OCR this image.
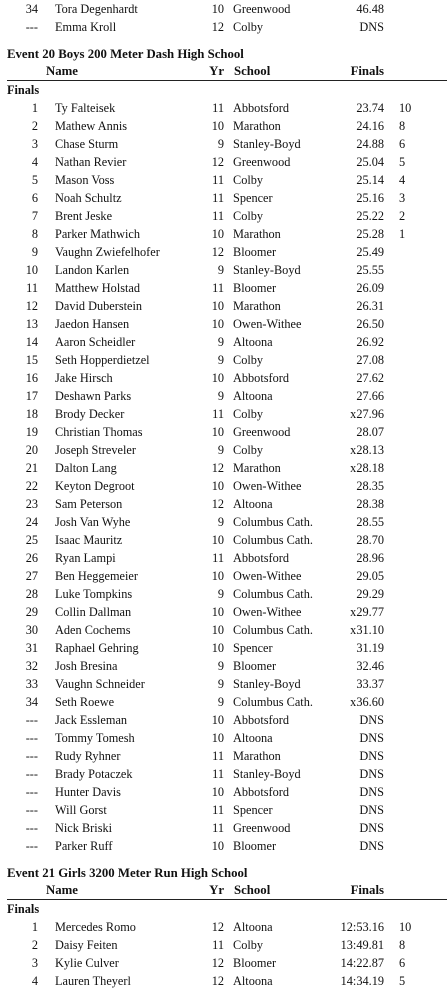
34 Tora Degenhardt	10 Greenwood	46.48
--- Emma Kroll	12 Colby	DNS
Event 20 Boys 200 Meter Dash High School
Name	Yr School	Finals
Finals
1 Ty Falteisek	11 Abbotsford	23.74 10
2 Mathew Annis	10 Marathon	24.16 8
3 Chase Sturm	9 Stanley-Boyd	24.88 6
4 Nathan Revier	12 Greenwood	25.04 5
5 Mason Voss	11 Colby	25.14 4
6 Noah Schultz	11 Spencer	25.16 3
7 Brent Jeske	11 Colby	25.22 2
8 Parker Mathwich	10 Marathon	25.28 1
9 Vaughn Zwiefelhofer	12 Bloomer	25.49
10 Landon Karlen	9 Stanley-Boyd	25.55
11 Matthew Holstad	11 Bloomer	26.09
12 David Duberstein	10 Marathon	26.31
13 Jaedon Hansen	10 Owen-Withee	26.50
14 Aaron Scheidler	9 Altoona	26.92
15 Seth Hopperdietzel	9 Colby	27.08
16 Jake Hirsch	10 Abbotsford	27.62
17 Deshawn Parks	9 Altoona	27.66
18 Brody Decker	11 Colby	x27.96
19 Christian Thomas	10 Greenwood	28.07
20 Joseph Streveler	9 Colby	x28.13
21 Dalton Lang	12 Marathon	x28.18
22 Keyton Degroot	10 Owen-Withee	28.35
23 Sam Peterson	12 Altoona	28.38
24 Josh Van Wyhe	9 Columbus Cath.	28.55
25 Isaac Mauritz	10 Columbus Cath.	28.70
26 Ryan Lampi	11 Abbotsford	28.96
27 Ben Heggemeier	10 Owen-Withee	29.05
28 Luke Tompkins	9 Columbus Cath.	29.29
29 Collin Dallman	10 Owen-Withee	x29.77
30 Aden Cochems	10 Columbus Cath.	x31.10
31 Raphael Gehring	10 Spencer	31.19
32 Josh Bresina	9 Bloomer	32.46
33 Vaughn Schneider	9 Stanley-Boyd	33.37
34 Seth Roewe	9 Columbus Cath.	x36.60
--- Jack Essleman	10 Abbotsford	DNS
--- Tommy Tomesh	10 Altoona	DNS
--- Rudy Ryhner	11 Marathon	DNS
--- Brady Potaczek	11 Stanley-Boyd	DNS
--- Hunter Davis	10 Abbotsford	DNS
--- Will Gorst	11 Spencer	DNS
--- Nick Briski	11 Greenwood	DNS
--- Parker Ruff	10 Bloomer	DNS
Event 21 Girls 3200 Meter Run High School
Name	Yr School	Finals
Finals
1 Mercedes Romo	12 Altoona	12:53.16 10
2 Daisy Feiten	11 Colby	13:49.81 8
3 Kylie Culver	12 Bloomer	14:22.87 6
4 Lauren Theyerl	12 Altoona	14:34.19 5
